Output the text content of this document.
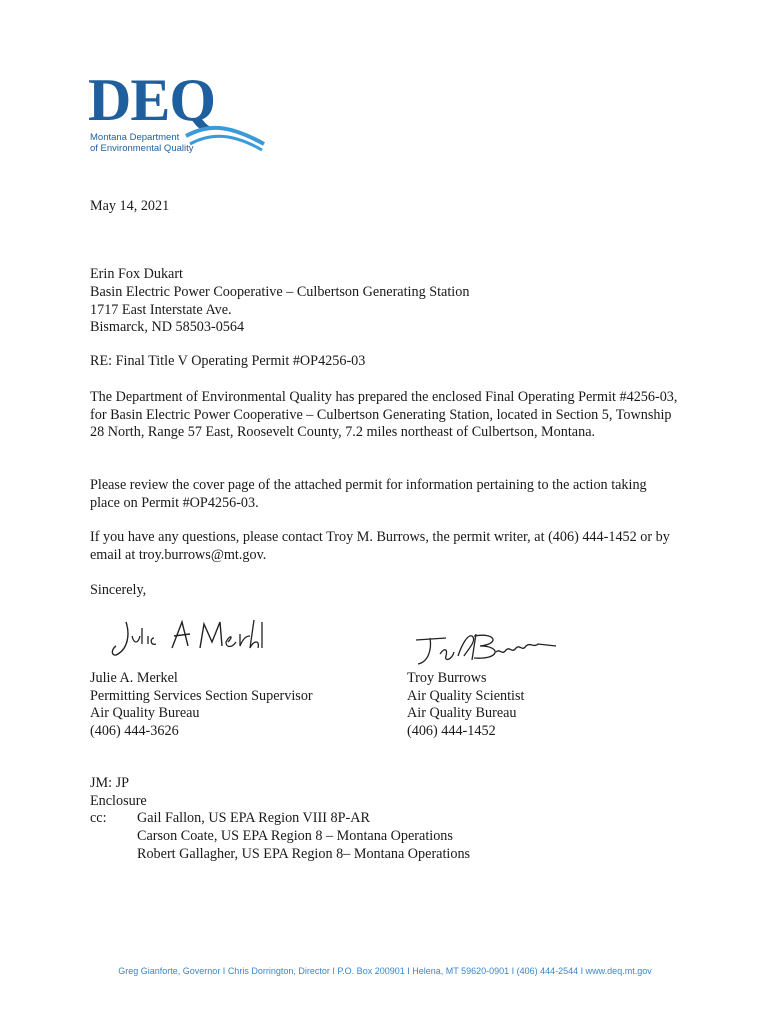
DEQ
Montana Department
of Environmental Quality
May 14, 2021
Erin Fox Dukart
Basin Electric Power Cooperative – Culbertson Generating Station
1717 East Interstate Ave.
Bismarck, ND 58503-0564
RE: Final Title V Operating Permit #OP4256-03
The Department of Environmental Quality has prepared the enclosed Final Operating Permit #4256-03, for Basin Electric Power Cooperative – Culbertson Generating Station, located in Section 5, Township 28 North, Range 57 East, Roosevelt County, 7.2 miles northeast of Culbertson, Montana.
Please review the cover page of the attached permit for information pertaining to the action taking place on Permit #OP4256-03.
If you have any questions, please contact Troy M. Burrows, the permit writer, at (406) 444-1452 or by email at troy.burrows@mt.gov.
Sincerely,
Julie A. Merkel
Permitting Services Section Supervisor
Air Quality Bureau
(406) 444-3626
Troy Burrows
Air Quality Scientist
Air Quality Bureau
(406) 444-1452
JM: JP
Enclosure
cc: Gail Fallon, US EPA Region VIII 8P-AR
Carson Coate, US EPA Region 8 – Montana Operations
Robert Gallagher, US EPA Region 8– Montana Operations
Greg Gianforte, Governor I Chris Dorrington, Director I P.O. Box 200901 I Helena, MT 59620-0901 I (406) 444-2544 I www.deq.mt.gov
